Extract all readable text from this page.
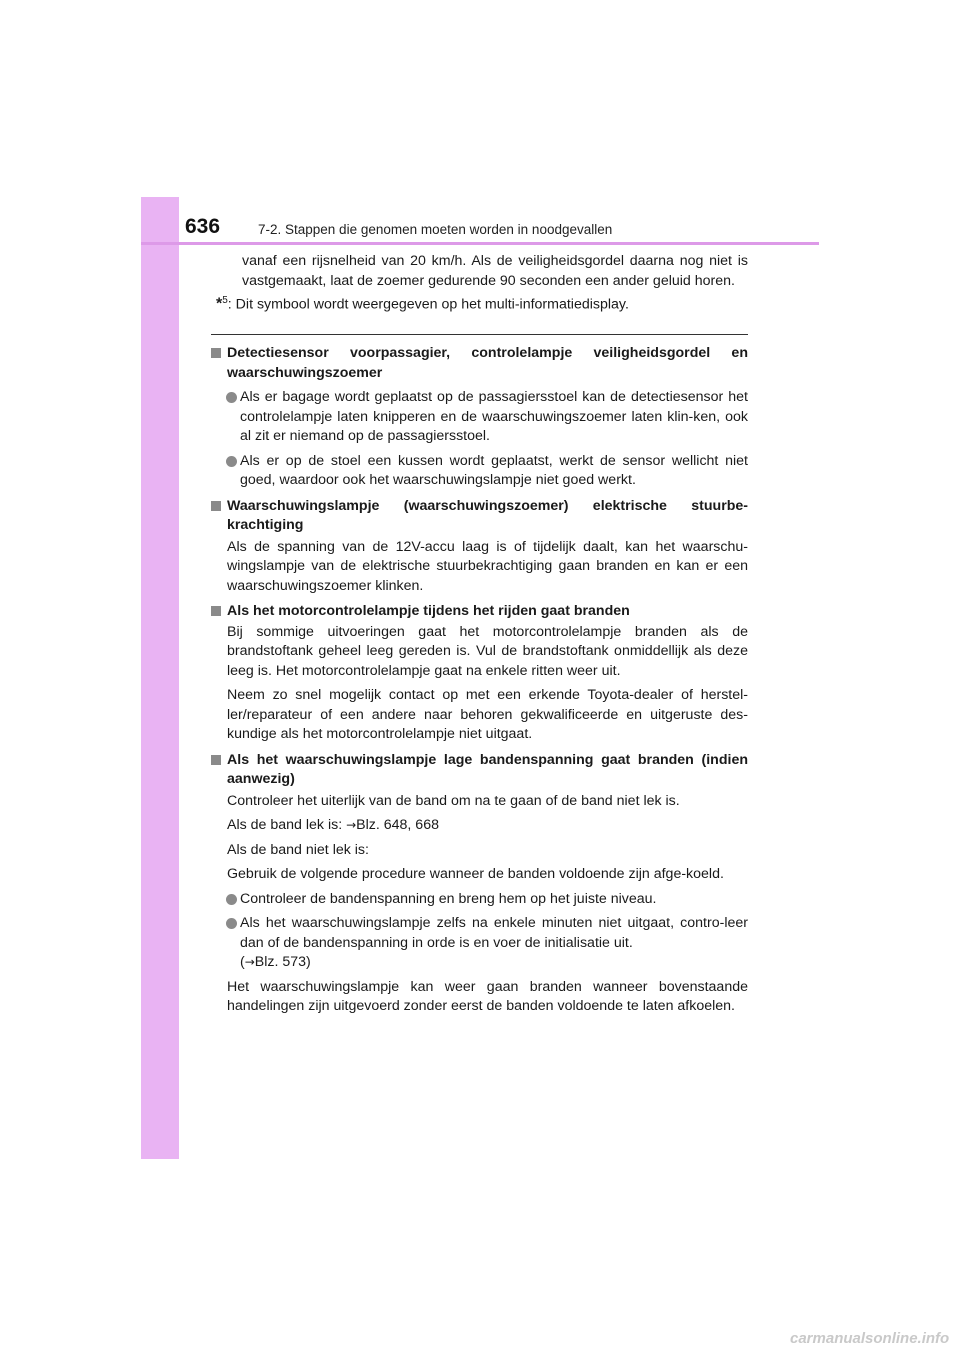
636	7-2. Stappen die genomen moeten worden in noodgevallen

vanaf een rijsnelheid van 20 km/h. Als de veiligheidsgordel daarna nog niet is vastgemaakt, laat de zoemer gedurende 90 seconden een ander geluid horen.

*$^5$: Dit symbool wordt weergegeven op het multi-informatiedisplay.

Detectiesensor voorpassagier, controlelampje veiligheidsgordel en waarschuwingszoemer

Als er bagage wordt geplaatst op de passagiersstoel kan de detectiesensor het controlelampje laten knipperen en de waarschuwingszoemer laten klin-ken, ook al zit er niemand op de passagiersstoel.

Als er op de stoel een kussen wordt geplaatst, werkt de sensor wellicht niet goed, waardoor ook het waarschuwingslampje niet goed werkt.

Waarschuwingslampje (waarschuwingszoemer) elektrische stuurbe-krachtiging

Als de spanning van de 12V-accu laag is of tijdelijk daalt, kan het waarschu-wingslampje van de elektrische stuurbekrachtiging gaan branden en kan er een waarschuwingszoemer klinken.

Als het motorcontrolelampje tijdens het rijden gaat branden

Bij sommige uitvoeringen gaat het motorcontrolelampje branden als de brandstoftank geheel leeg gereden is. Vul de brandstoftank onmiddellijk als deze leeg is. Het motorcontrolelampje gaat na enkele ritten weer uit.

Neem zo snel mogelijk contact op met een erkende Toyota-dealer of herstel-ler/reparateur of een andere naar behoren gekwalificeerde en uitgeruste des-kundige als het motorcontrolelampje niet uitgaat.

Als het waarschuwingslampje lage bandenspanning gaat branden (indien aanwezig)

Controleer het uiterlijk van de band om na te gaan of de band niet lek is.

Als de band lek is: →Blz. 648, 668

Als de band niet lek is:

Gebruik de volgende procedure wanneer de banden voldoende zijn afge-koeld.

Controleer de bandenspanning en breng hem op het juiste niveau.

Als het waarschuwingslampje zelfs na enkele minuten niet uitgaat, contro-leer dan of de bandenspanning in orde is en voer de initialisatie uit.
(→Blz. 573)

Het waarschuwingslampje kan weer gaan branden wanneer bovenstaande handelingen zijn uitgevoerd zonder eerst de banden voldoende te laten afkoelen.

carmanualsonline.info
